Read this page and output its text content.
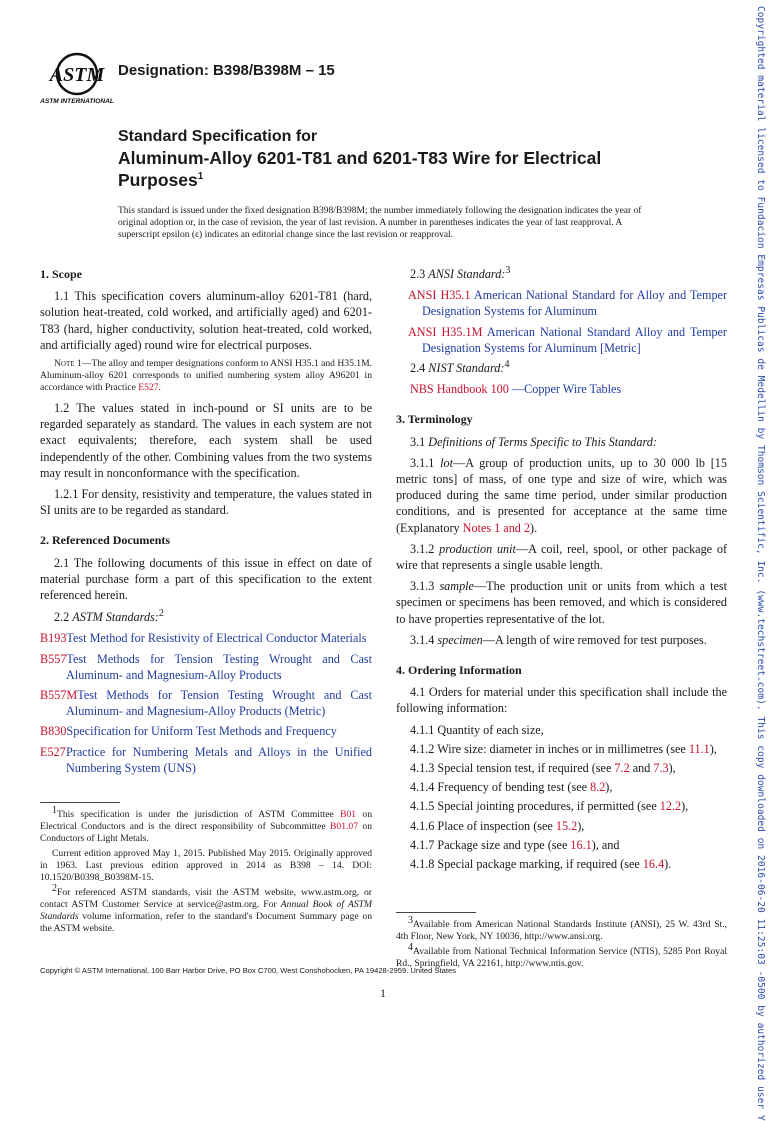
ASTM
ASTM INTERNATIONAL
Designation: B398/B398M – 15
Standard Specification for
Aluminum-Alloy 6201-T81 and 6201-T83 Wire for Electrical
Purposes$^1$
This standard is issued under the fixed designation B398/B398M; the number immediately following the designation indicates the year of original adoption or, in the case of revision, the year of last revision. A number in parentheses indicates the year of last reapproval. A superscript epsilon (ε) indicates an editorial change since the last revision or reapproval.	Copyrighted material licensed to Fundacion Empresas Publicas de Medellin by Thomson Scientific, Inc. (www.techstreet.com). This copy downloaded on 2016-06-20 11:25:03 -0500 by authorized user Y
1. Scope

1.1 This specification covers aluminum-alloy 6201-T81 (hard, solution heat-treated, cold worked, and artificially aged) and 6201-T83 (hard, higher conductivity, solution heat-treated, cold worked, and artificially aged) round wire for electrical purposes.

Note 1—The alloy and temper designations conform to ANSI H35.1 and H35.1M. Aluminum-alloy 6201 corresponds to unified numbering system alloy A96201 in accordance with Practice E527.

1.2 The values stated in inch-pound or SI units are to be regarded separately as standard. The values in each system are not exact equivalents; therefore, each system shall be used independently of the other. Combining values from the two systems may result in nonconformance with the specification.

1.2.1 For density, resistivity and temperature, the values stated in SI units are to be regarded as standard.

2. Referenced Documents

2.1 The following documents of this issue in effect on date of material purchase form a part of this specification to the extent referenced herein.

2.2 ASTM Standards:$^2$

B193Test Method for Resistivity of Electrical Conductor Materials
B557Test Methods for Tension Testing Wrought and Cast Aluminum- and Magnesium-Alloy Products
B557MTest Methods for Tension Testing Wrought and Cast Aluminum- and Magnesium-Alloy Products (Metric)
B830Specification for Uniform Test Methods and Frequency
E527Practice for Numbering Metals and Alloys in the Unified Numbering System (UNS)
$^1$This specification is under the jurisdiction of ASTM Committee B01 on Electrical Conductors and is the direct responsibility of Subcommittee B01.07 on Conductors of Light Metals.
Current edition approved May 1, 2015. Published May 2015. Originally approved in 1963. Last previous edition approved in 2014 as B398 – 14. DOI: 10.1520/B0398_B0398M-15.
$^2$For referenced ASTM standards, visit the ASTM website, www.astm.org, or contact ASTM Customer Service at service@astm.org. For Annual Book of ASTM Standards volume information, refer to the standard's Document Summary page on the ASTM website.

2.3 ANSI Standard:$^3$

ANSI H35.1 American National Standard for Alloy and Temper Designation Systems for Aluminum
ANSI H35.1M American National Standard Alloy and Temper Designation Systems for Aluminum [Metric]

2.4 NIST Standard:$^4$

NBS Handbook 100 —Copper Wire Tables
3. Terminology

3.1 Definitions of Terms Specific to This Standard:

3.1.1 lot—A group of production units, up to 30 000 lb [15 metric tons] of mass, of one type and size of wire, which was produced during the same time period, under similar production conditions, and is presented for acceptance at the same time (Explanatory Notes 1 and 2).

3.1.2 production unit—A coil, reel, spool, or other package of wire that represents a single usable length.

3.1.3 sample—The production unit or units from which a test specimen or specimens has been removed, and which is considered to have properties representative of the lot.

3.1.4 specimen—A length of wire removed for test purposes.

4. Ordering Information

4.1 Orders for material under this specification shall include the following information:

4.1.1 Quantity of each size,
4.1.2 Wire size: diameter in inches or in millimetres (see 11.1),
4.1.3 Special tension test, if required (see 7.2 and 7.3),
4.1.4 Frequency of bending test (see 8.2),
4.1.5 Special jointing procedures, if permitted (see 12.2),
4.1.6 Place of inspection (see 15.2),
4.1.7 Package size and type (see 16.1), and
4.1.8 Special package marking, if required (see 16.4).
$^3$Available from American National Standards Institute (ANSI), 25 W. 43rd St., 4th Floor, New York, NY 10036, http://www.ansi.org.
$^4$Available from National Technical Information Service (NTIS), 5285 Port Royal Rd., Springfield, VA 22161, http://www.ntis.gov.
Copyright © ASTM International, 100 Barr Harbor Drive, PO Box C700, West Conshohocken, PA 19428-2959. United States
1
